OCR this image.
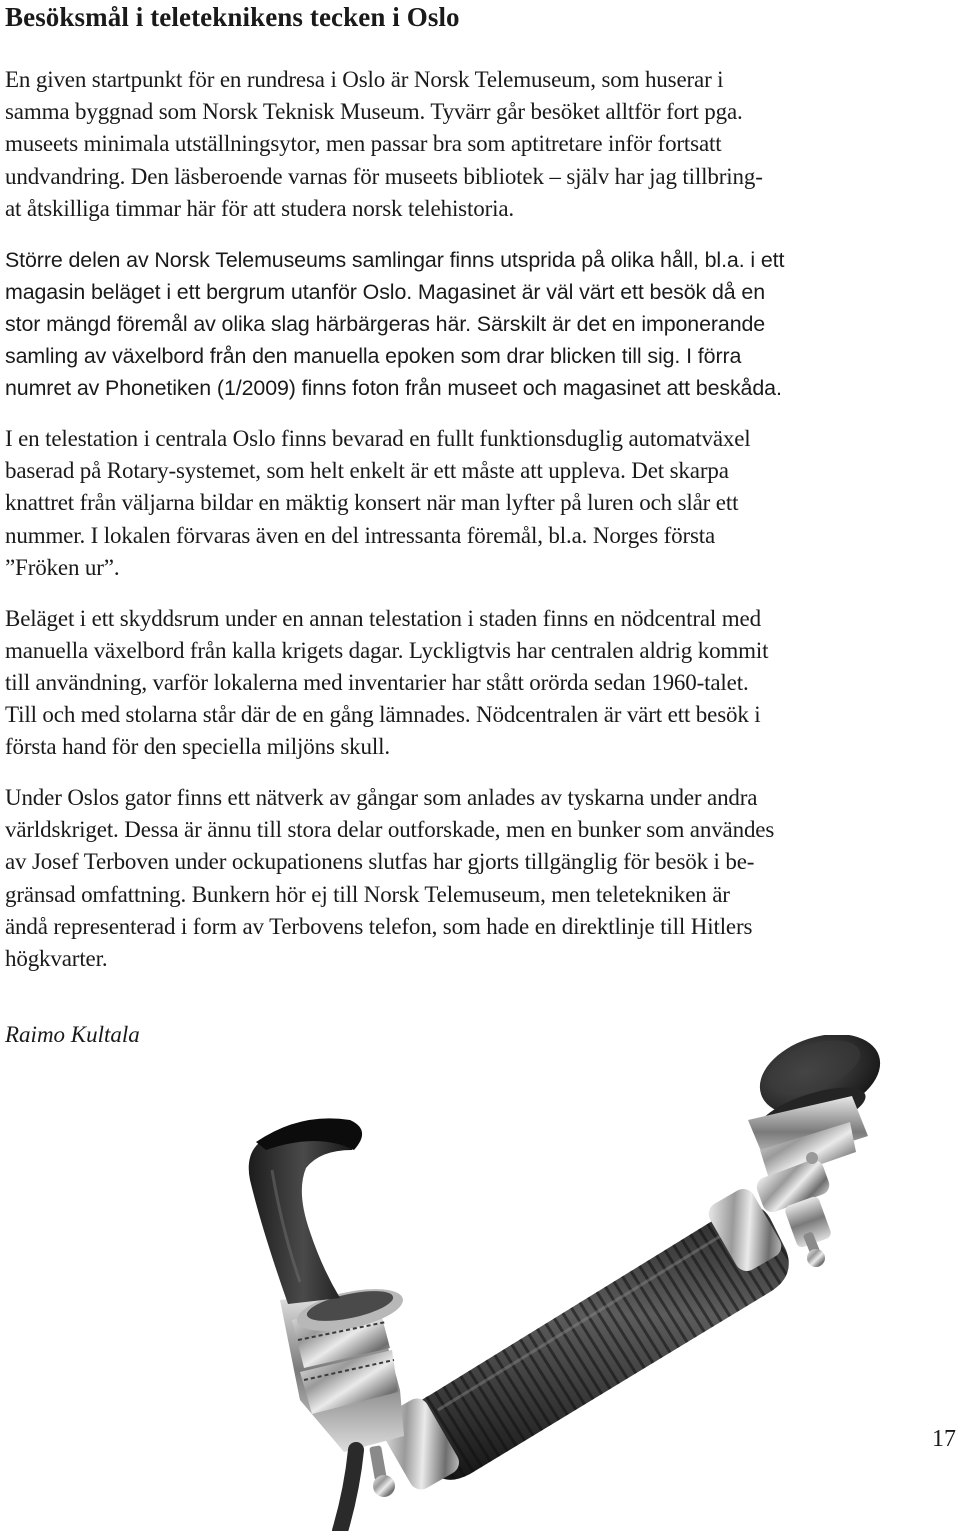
Besöksmål i teleteknikens tecken i Oslo

En given startpunkt för en rundresa i Oslo är Norsk Telemuseum, som huserar i
samma byggnad som Norsk Teknisk Museum. Tyvärr går besöket alltför fort pga.
museets minimala utställningsytor, men passar bra som aptitretare inför fortsatt
undvandring. Den läsberoende varnas för museets bibliotek – själv har jag tillbring-
at åtskilliga timmar här för att studera norsk telehistoria.

Större delen av Norsk Telemuseums samlingar finns utsprida på olika håll, bl.a. i ett
magasin beläget i ett bergrum utanför Oslo. Magasinet är väl värt ett besök då en
stor mängd föremål av olika slag härbärgeras här. Särskilt är det en imponerande
samling av växelbord från den manuella epoken som drar blicken till sig. I förra
numret av Phonetiken (1/2009) finns foton från museet och magasinet att beskåda.

I en telestation i centrala Oslo finns bevarad en fullt funktionsduglig automatväxel
baserad på Rotary-systemet, som helt enkelt är ett måste att uppleva. Det skarpa
knattret från väljarna bildar en mäktig konsert när man lyfter på luren och slår ett
nummer. I lokalen förvaras även en del intressanta föremål, bl.a. Norges första
”Fröken ur”.

Beläget i ett skyddsrum under en annan telestation i staden finns en nödcentral med
manuella växelbord från kalla krigets dagar. Lyckligtvis har centralen aldrig kommit
till användning, varför lokalerna med inventarier har stått orörda sedan 1960-talet.
Till och med stolarna står där de en gång lämnades. Nödcentralen är värt ett besök i
första hand för den speciella miljöns skull.

Under Oslos gator finns ett nätverk av gångar som anlades av tyskarna under andra
världskriget. Dessa är ännu till stora delar outforskade, men en bunker som användes
av Josef Terboven under ockupationens slutfas har gjorts tillgänglig för besök i be-
gränsad omfattning. Bunkern hör ej till Norsk Telemuseum, men teletekniken är
ändå representerad i form av Terbovens telefon, som hade en direktlinje till Hitlers
högkvarter.

Raimo Kultala
17
